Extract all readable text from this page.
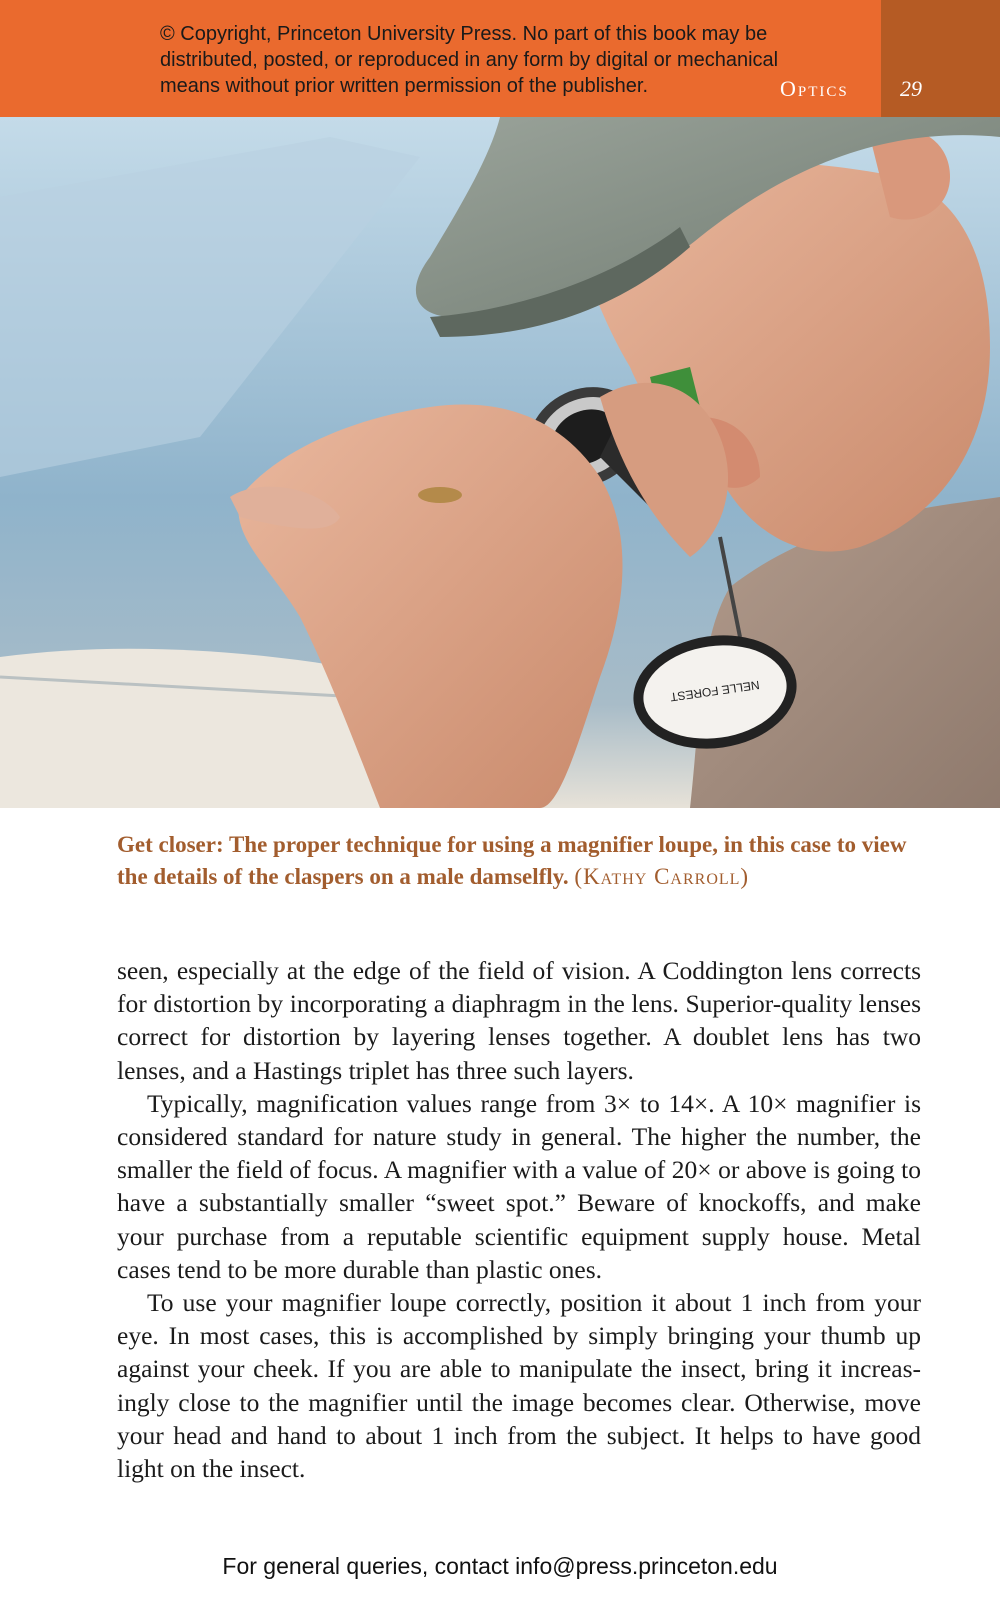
© Copyright, Princeton University Press. No part of this book may be

distributed, posted, or reproduced in any form by digital or mechanical

means without prior written permission of the publisher.	Optics 29
NELLE FOREST

Get closer: The proper technique for using a magnifier loupe, in this case to view the details of the claspers on a male damselfly. (Kathy Carroll)

seen, especially at the edge of the field of vision. A Coddington lens corrects for distortion by incorporating a diaphragm in the lens. Superior-quality lenses correct for distortion by layering lenses together. A doublet lens has two lenses, and a Hastings triplet has three such layers.

Typically, magnification values range from 3× to 14×. A 10× magnifier is considered standard for nature study in general. The higher the number, the smaller the field of focus. A magnifier with a value of 20× or above is going to have a substantially smaller “sweet spot.” Beware of knockoffs, and make your purchase from a reputable scientific equipment supply house. Metal cases tend to be more durable than plastic ones.

To use your magnifier loupe correctly, position it about 1 inch from your eye. In most cases, this is accomplished by simply bringing your thumb up against your cheek. If you are able to manipulate the insect, bring it increasingly close to the magnifier until the image becomes clear. Otherwise, move your head and hand to about 1 inch from the subject. It helps to have good light on the insect.

For general queries, contact info@press.princeton.edu
